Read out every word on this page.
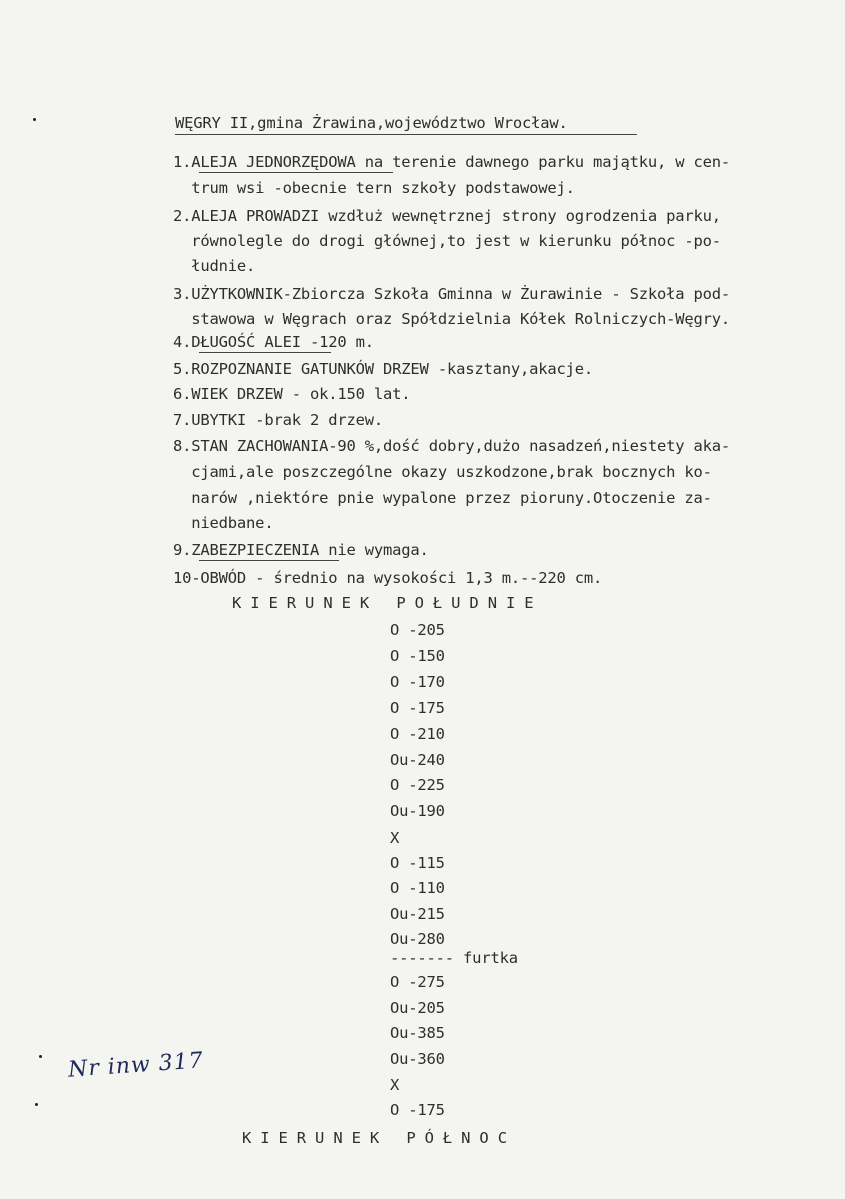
WĘGRY II,gmina Żrawina,województwo Wrocław.
1.ALEJA JEDNORZĘDOWA na terenie dawnego parku majątku, w cen-
trum wsi -obecnie tern szkoły podstawowej.
2.ALEJA PROWADZI wzdłuż wewnętrznej strony ogrodzenia parku,
równolegle do drogi głównej,to jest w kierunku północ -po-
łudnie.
3.UŻYTKOWNIK-Zbiorcza Szkoła Gminna w Żurawinie - Szkoła pod-
stawowa w Węgrach oraz Spółdzielnia Kółek Rolniczych-Węgry.
4.DŁUGOŚĆ ALEI -120 m.
5.ROZPOZNANIE GATUNKÓW DRZEW -kasztany,akacje.
6.WIEK DRZEW - ok.150 lat.
7.UBYTKI -brak 2 drzew.
8.STAN ZACHOWANIA-90 %,dość dobry,dużo nasadzeń,niestety aka-
cjami,ale poszczególne okazy uszkodzone,brak bocznych ko-
narów ,niektóre pnie wypalone przez pioruny.Otoczenie za-
niedbane.
9.ZABEZPIECZENIA nie wymaga.
10-OBWÓD - średnio na wysokości 1,3 m.--220 cm.
K I E R U N E K   P O Ł U D N I E
O -205
O -150
O -170
O -175
O -210
Ou-240
O -225
Ou-190
X
O -115
O -110
Ou-215
Ou-280
------- furtka
O -275
Ou-205
Ou-385
Ou-360
X
O -175
K I E R U N E K   P Ó Ł N O C
Nr inw 317
